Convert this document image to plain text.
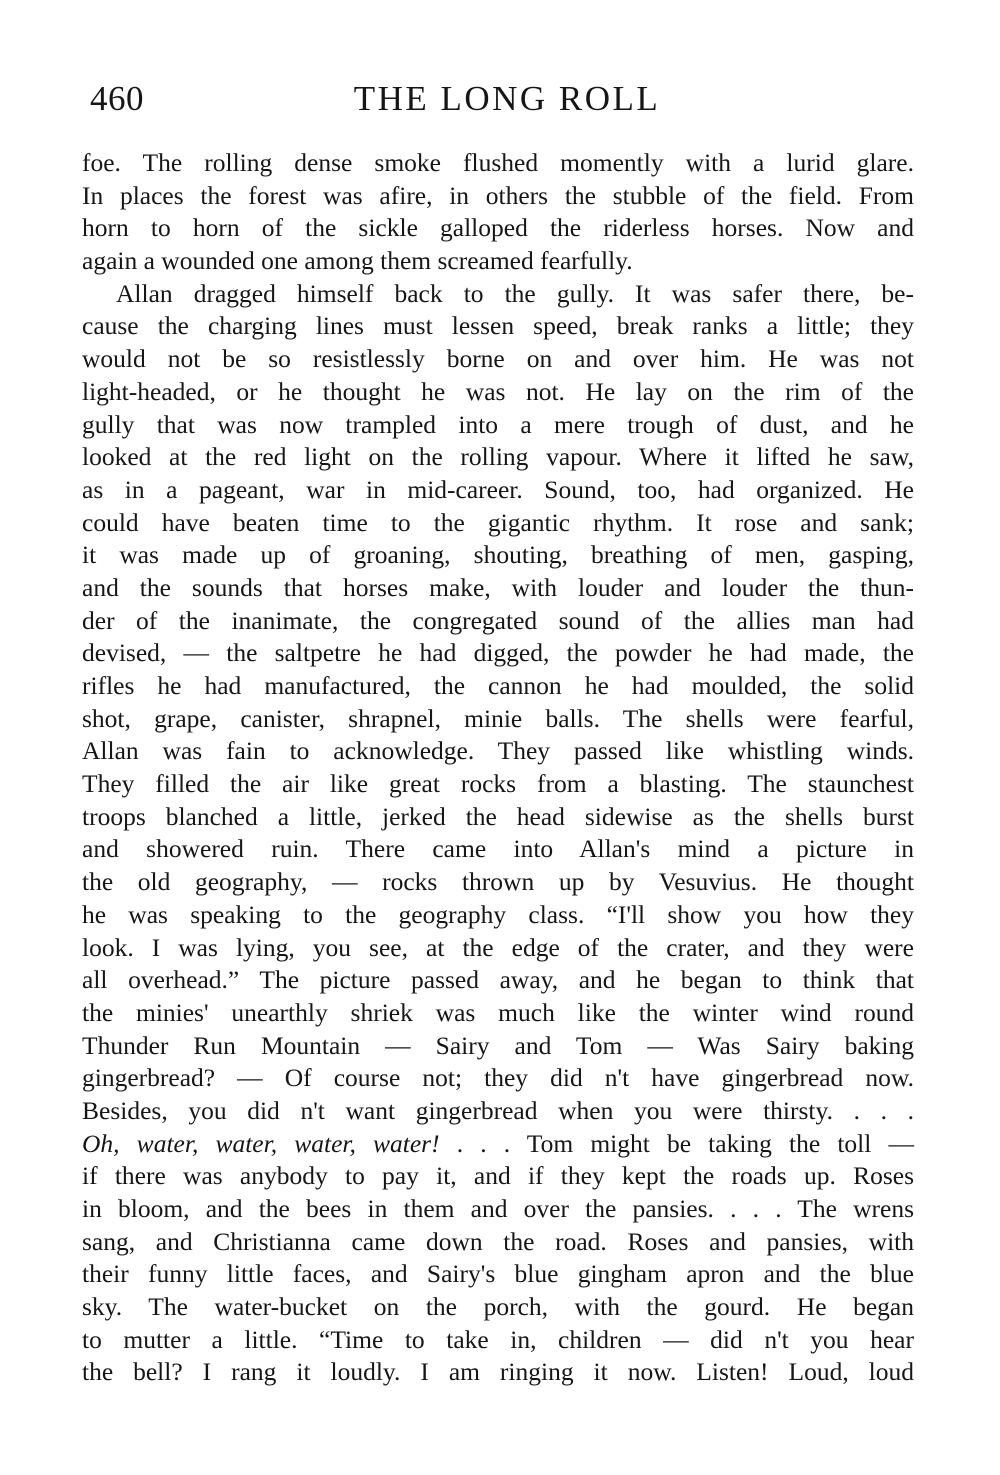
460	THE LONG ROLL
foe. The rolling dense smoke flushed momently with a lurid glare.
In places the forest was afire, in others the stubble of the field. From
horn to horn of the sickle galloped the riderless horses. Now and
again a wounded one among them screamed fearfully.
Allan dragged himself back to the gully. It was safer there, be-
cause the charging lines must lessen speed, break ranks a little; they
would not be so resistlessly borne on and over him. He was not
light-headed, or he thought he was not. He lay on the rim of the
gully that was now trampled into a mere trough of dust, and he
looked at the red light on the rolling vapour. Where it lifted he saw,
as in a pageant, war in mid-career. Sound, too, had organized. He
could have beaten time to the gigantic rhythm. It rose and sank;
it was made up of groaning, shouting, breathing of men, gasping,
and the sounds that horses make, with louder and louder the thun-
der of the inanimate, the congregated sound of the allies man had
devised, — the saltpetre he had digged, the powder he had made, the
rifles he had manufactured, the cannon he had moulded, the solid
shot, grape, canister, shrapnel, minie balls. The shells were fearful,
Allan was fain to acknowledge. They passed like whistling winds.
They filled the air like great rocks from a blasting. The staunchest
troops blanched a little, jerked the head sidewise as the shells burst
and showered ruin. There came into Allan's mind a picture in
the old geography, — rocks thrown up by Vesuvius. He thought
he was speaking to the geography class. “I'll show you how they
look. I was lying, you see, at the edge of the crater, and they were
all overhead.” The picture passed away, and he began to think that
the minies' unearthly shriek was much like the winter wind round
Thunder Run Mountain — Sairy and Tom — Was Sairy baking
gingerbread? — Of course not; they did n't have gingerbread now.
Besides, you did n't want gingerbread when you were thirsty. . . .
Oh, water, water, water, water! . . . Tom might be taking the toll —
if there was anybody to pay it, and if they kept the roads up. Roses
in bloom, and the bees in them and over the pansies. . . . The wrens
sang, and Christianna came down the road. Roses and pansies, with
their funny little faces, and Sairy's blue gingham apron and the blue
sky. The water-bucket on the porch, with the gourd. He began
to mutter a little. “Time to take in, children — did n't you hear
the bell? I rang it loudly. I am ringing it now. Listen! Loud, loud
